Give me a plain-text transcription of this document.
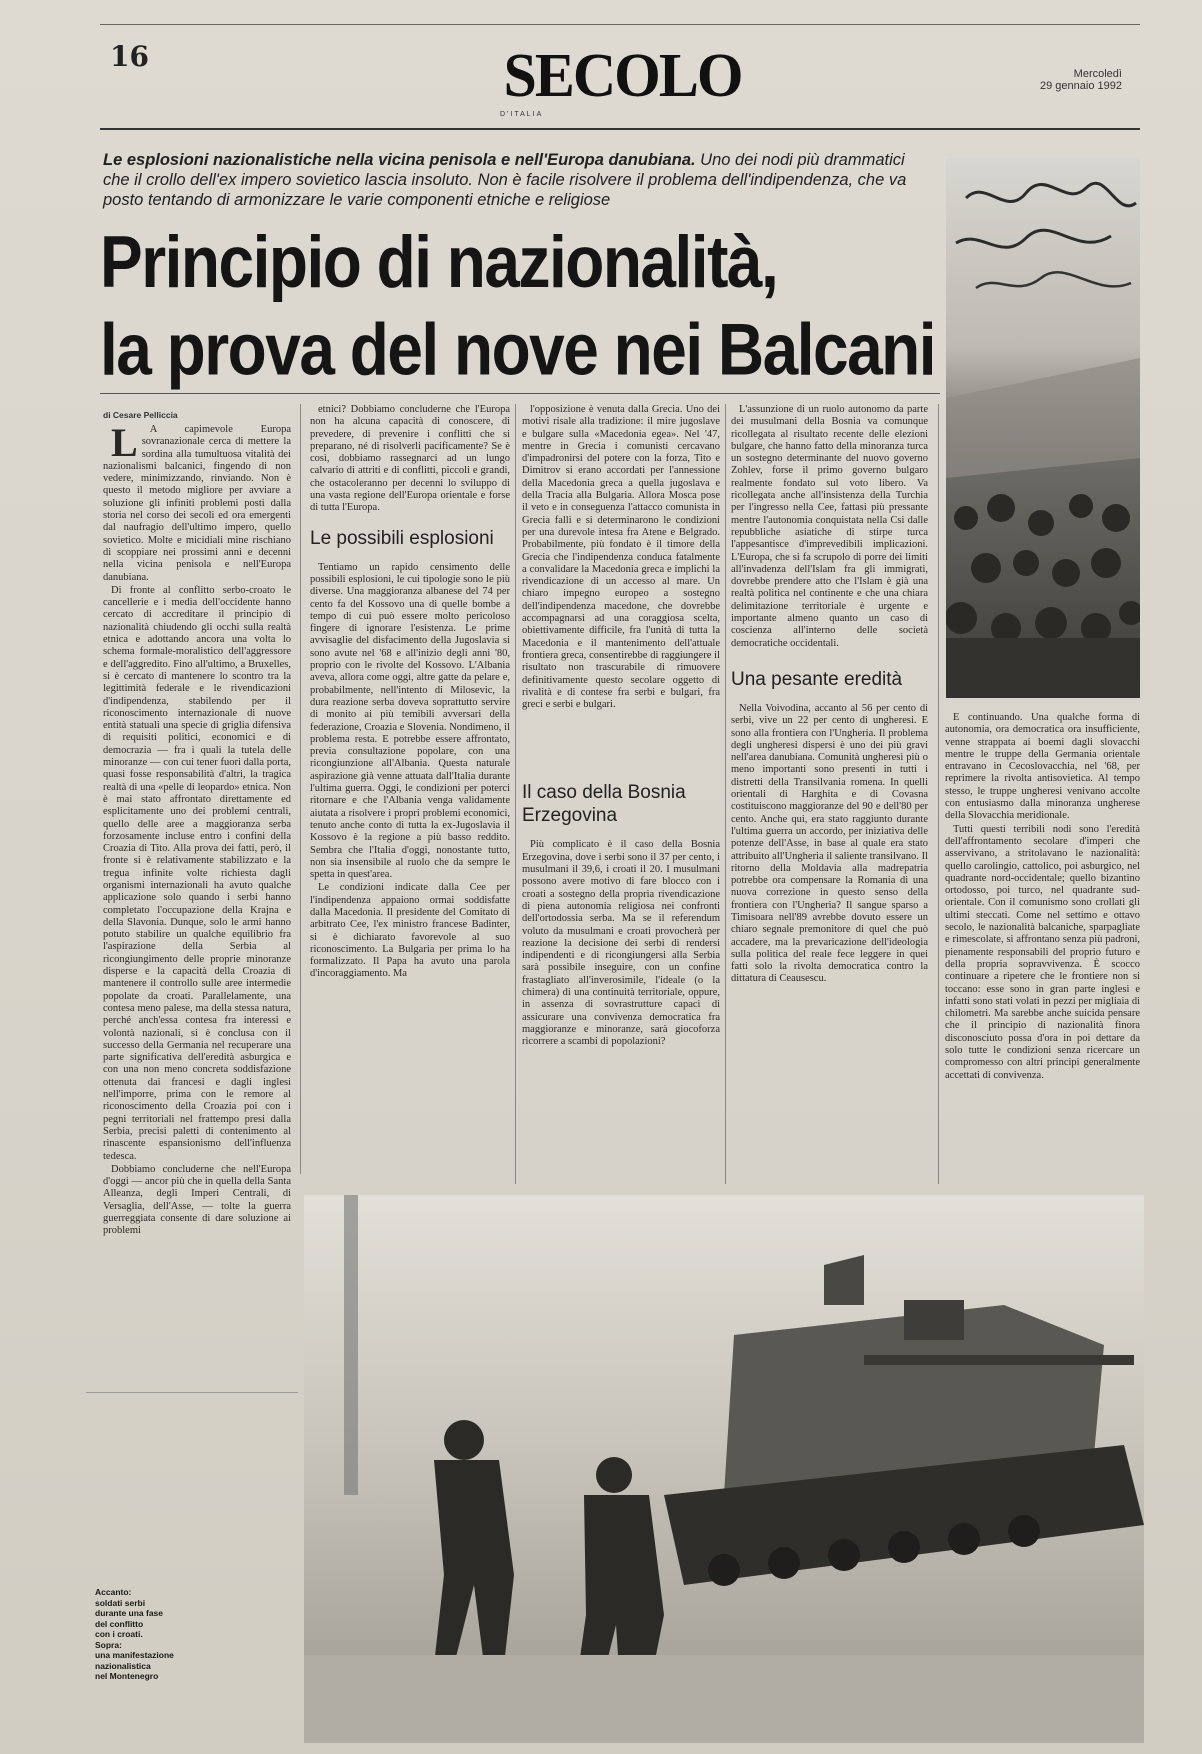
16	SECOLO
D'ITALIA
Mercoledì
29 gennaio 1992
Le esplosioni nazionalistiche nella vicina penisola e nell'Europa danubiana. Uno dei nodi più drammatici che il crollo dell'ex impero sovietico lascia insoluto. Non è facile risolvere il problema dell'indipendenza, che va posto tentando di armonizzare le varie componenti etniche e religiose
Principio di nazionalità,
la prova del nove nei Balcani
di Cesare Pelliccia

L A capimevole Europa sovranazionale cerca di mettere la sordina alla tumultuosa vitalità dei nazionalismi balcanici, fingendo di non vedere, minimizzando, rinviando. Non è questo il metodo migliore per avviare a soluzione gli infiniti problemi posti dalla storia nel corso dei secoli ed ora emergenti dal naufragio dell'ultimo impero, quello sovietico. Molte e micidiali mine rischiano di scoppiare nei prossimi anni e decenni nella vicina penisola e nell'Europa danubiana.

Di fronte al conflitto serbo-croato le cancellerie e i media dell'occidente hanno cercato di accreditare il principio di nazionalità chiudendo gli occhi sulla realtà etnica e adottando ancora una volta lo schema formale-moralistico dell'aggressore e dell'aggredito. Fino all'ultimo, a Bruxelles, si è cercato di mantenere lo scontro tra la legittimità federale e le rivendicazioni d'indipendenza, stabilendo per il riconoscimento internazionale di nuove entità statuali una specie di griglia difensiva di requisiti politici, economici e di democrazia — fra i quali la tutela delle minoranze — con cui tener fuori dalla porta, quasi fosse responsabilità d'altri, la tragica realtà di una «pelle di leopardo» etnica. Non è mai stato affrontato direttamente ed esplicitamente uno dei problemi centrali, quello delle aree a maggioranza serba forzosamente incluse entro i confini della Croazia di Tito. Alla prova dei fatti, però, il fronte si è relativamente stabilizzato e la tregua infinite volte richiesta dagli organismi internazionali ha avuto qualche applicazione solo quando i serbi hanno completato l'occupazione della Krajna e della Slavonia. Dunque, solo le armi hanno potuto stabilire un qualche equilibrio fra l'aspirazione della Serbia al ricongiungimento delle proprie minoranze disperse e la capacità della Croazia di mantenere il controllo sulle aree intermedie popolate da croati. Parallelamente, una contesa meno palese, ma della stessa natura, perché anch'essa contesa fra interessi e volontà nazionali, si è conclusa con il successo della Germania nel recuperare una parte significativa dell'eredità asburgica e con una non meno concreta soddisfazione ottenuta dai francesi e dagli inglesi nell'imporre, prima con le remore al riconoscimento della Croazia poi con i pegni territoriali nel frattempo presi dalla Serbia, precisi paletti di contenimento al rinascente espansionismo dell'influenza tedesca.

Dobbiamo concluderne che nell'Europa d'oggi — ancor più che in quella della Santa Alleanza, degli Imperi Centrali, di Versaglia, dell'Asse, — tolte la guerra guerreggiata consente di dare soluzione ai problemi

etnici? Dobbiamo concluderne che l'Europa non ha alcuna capacità di conoscere, di prevedere, di prevenire i conflitti che si preparano, né di risolverli pacificamente? Se è così, dobbiamo rassegnarci ad un lungo calvario di attriti e di conflitti, piccoli e grandi, che ostacoleranno per decenni lo sviluppo di una vasta regione dell'Europa orientale e forse di tutta l'Europa.

Le possibili esplosioni

Tentiamo un rapido censimento delle possibili esplosioni, le cui tipologie sono le più diverse. Una maggioranza albanese del 74 per cento fa del Kossovo una di quelle bombe a tempo di cui può essere molto pericoloso fingere di ignorare l'esistenza. Le prime avvisaglie del disfacimento della Jugoslavia si sono avute nel '68 e all'inizio degli anni '80, proprio con le rivolte del Kossovo. L'Albania aveva, allora come oggi, altre gatte da pelare e, probabilmente, nell'intento di Milosevic, la dura reazione serba doveva soprattutto servire di monito ai più temibili avversari della federazione, Croazia e Slovenia. Nondimeno, il problema resta. E potrebbe essere affrontato, previa consultazione popolare, con una ricongiunzione all'Albania. Questa naturale aspirazione già venne attuata dall'Italia durante l'ultima guerra. Oggi, le condizioni per poterci ritornare e che l'Albania venga validamente aiutata a risolvere i propri problemi economici, tenuto anche conto di tutta la ex-Jugoslavia il Kossovo è la regione a più basso reddito. Sembra che l'Italia d'oggi, nonostante tutto, non sia insensibile al ruolo che da sempre le spetta in quest'area.

Le condizioni indicate dalla Cee per l'indipendenza appaiono ormai soddisfatte dalla Macedonia. Il presidente del Comitato di arbitrato Cee, l'ex ministro francese Badinter, si è dichiarato favorevole al suo riconoscimento. La Bulgaria per prima lo ha formalizzato. Il Papa ha avuto una parola d'incoraggiamento. Ma

l'opposizione è venuta dalla Grecia. Uno dei motivi risale alla tradizione: il mire jugoslave e bulgare sulla «Macedonia egea». Nel '47, mentre in Grecia i comunisti cercavano d'impadronirsi del potere con la forza, Tito e Dimitrov si erano accordati per l'annessione della Macedonia greca a quella jugoslava e della Tracia alla Bulgaria. Allora Mosca pose il veto e in conseguenza l'attacco comunista in Grecia fallì e si determinarono le condizioni per una durevole intesa fra Atene e Belgrado. Probabilmente, più fondato è il timore della Grecia che l'indipendenza conduca fatalmente a convalidare la Macedonia greca e implichi la rivendicazione di un accesso al mare. Un chiaro impegno europeo a sostegno dell'indipendenza macedone, che dovrebbe accompagnarsi ad una coraggiosa scelta, obiettivamente difficile, fra l'unità di tutta la Macedonia e il mantenimento dell'attuale frontiera greca, consentirebbe di raggiungere il risultato non trascurabile di rimuovere definitivamente questo secolare oggetto di rivalità e di contese fra serbi e bulgari, fra greci e serbi e bulgari.

Il caso della Bosnia Erzegovina

Più complicato è il caso della Bosnia Erzegovina, dove i serbi sono il 37 per cento, i musulmani il 39,6, i croati il 20. I musulmani possono avere motivo di fare blocco con i croati a sostegno della propria rivendicazione di piena autonomia religiosa nei confronti dell'ortodossia serba. Ma se il referendum voluto da musulmani e croati provocherà per reazione la decisione dei serbi di rendersi indipendenti e di ricongiungersi alla Serbia sarà possibile inseguire, con un confine frastagliato all'inverosimile, l'ideale (o la chimera) di una continuità territoriale, oppure, in assenza di sovrastrutture capaci di assicurare una convivenza democratica fra maggioranze e minoranze, sarà giocoforza ricorrere a scambi di popolazioni?

L'assunzione di un ruolo autonomo da parte dei musulmani della Bosnia va comunque ricollegata al risultato recente delle elezioni bulgare, che hanno fatto della minoranza turca un sostegno determinante del nuovo governo Zohlev, forse il primo governo bulgaro realmente fondato sul voto libero. Va ricollegata anche all'insistenza della Turchia per l'ingresso nella Cee, fattasi più pressante mentre l'autonomia conquistata nella Csi dalle repubbliche asiatiche di stirpe turca l'appesantisce d'imprevedibili implicazioni. L'Europa, che si fa scrupolo di porre dei limiti all'invadenza dell'Islam fra gli immigrati, dovrebbe prendere atto che l'Islam è già una realtà politica nel continente e che una chiara delimitazione territoriale è urgente e importante almeno quanto un caso di coscienza all'interno delle società democratiche occidentali.

Una pesante eredità

Nella Voivodina, accanto al 56 per cento di serbi, vive un 22 per cento di ungheresi. E sono alla frontiera con l'Ungheria. Il problema degli ungheresi dispersi è uno dei più gravi nell'area danubiana. Comunità ungheresi più o meno importanti sono presenti in tutti i distretti della Transilvania romena. In quelli orientali di Harghita e di Covasna costituiscono maggioranze del 90 e dell'80 per cento. Anche qui, era stato raggiunto durante l'ultima guerra un accordo, per iniziativa delle potenze dell'Asse, in base al quale era stato attribuito all'Ungheria il saliente transilvano. Il ritorno della Moldavia alla madrepatria potrebbe ora compensare la Romania di una nuova correzione in questo senso della frontiera con l'Ungheria? Il sangue sparso a Timisoara nell'89 avrebbe dovuto essere un chiaro segnale premonitore di quel che può accadere, ma la prevaricazione dell'ideologia sulla politica del reale fece leggere in quei fatti solo la rivolta democratica contro la dittatura di Ceausescu.

E continuando. Una qualche forma di autonomia, ora democratica ora insufficiente, venne strappata ai boemi dagli slovacchi mentre le truppe della Germania orientale entravano in Cecoslovacchia, nel '68, per reprimere la rivolta antisovietica. Al tempo stesso, le truppe ungheresi venivano accolte con entusiasmo dalla minoranza ungherese della Slovacchia meridionale.

Tutti questi terribili nodi sono l'eredità dell'affrontamento secolare d'imperi che asservivano, a stritolavano le nazionalità: quello carolingio, cattolico, poi asburgico, nel quadrante nord-occidentale; quello bizantino ortodosso, poi turco, nel quadrante sud-orientale. Con il comunismo sono crollati gli ultimi steccati. Come nel settimo e ottavo secolo, le nazionalità balcaniche, sparpagliate e rimescolate, si affrontano senza più padroni, pienamente responsabili del proprio futuro e della propria sopravvivenza. È scocco continuare a ripetere che le frontiere non si toccano: esse sono in gran parte inglesi e infatti sono stati volati in pezzi per migliaia di chilometri. Ma sarebbe anche suicida pensare che il principio di nazionalità finora disconosciuto possa d'ora in poi dettare da solo tutte le condizioni senza ricercare un compromesso con altri principi generalmente accettati di convivenza.

Accanto:
soldati serbi
durante una fase
del conflitto
con i croati.
Sopra:
una manifestazione
nazionalistica
nel Montenegro
